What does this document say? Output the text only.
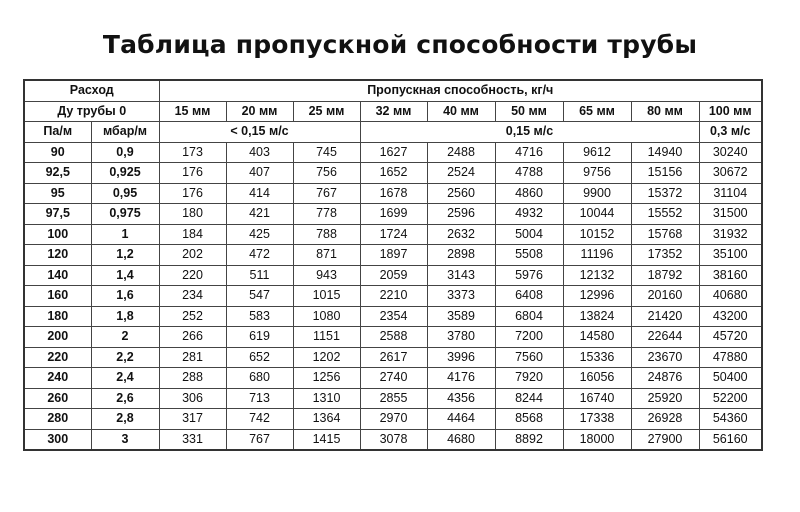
Таблица пропускной способности трубы
Расход		Пропускная способность, кг/ч								
Ду трубы 0		15 мм	20 мм	25 мм	32 мм	40 мм	50 мм	65 мм	80 мм	100 мм
Па/м	мбар/м	< 0,15 м/с			0,15 м/с					0,3 м/с
90	0,9	173	403	745	1627	2488	4716	9612	14940	30240
92,5	0,925	176	407	756	1652	2524	4788	9756	15156	30672
95	0,95	176	414	767	1678	2560	4860	9900	15372	31104
97,5	0,975	180	421	778	1699	2596	4932	10044	15552	31500
100	1	184	425	788	1724	2632	5004	10152	15768	31932
120	1,2	202	472	871	1897	2898	5508	11196	17352	35100
140	1,4	220	511	943	2059	3143	5976	12132	18792	38160
160	1,6	234	547	1015	2210	3373	6408	12996	20160	40680
180	1,8	252	583	1080	2354	3589	6804	13824	21420	43200
200	2	266	619	1151	2588	3780	7200	14580	22644	45720
220	2,2	281	652	1202	2617	3996	7560	15336	23670	47880
240	2,4	288	680	1256	2740	4176	7920	16056	24876	50400
260	2,6	306	713	1310	2855	4356	8244	16740	25920	52200
280	2,8	317	742	1364	2970	4464	8568	17338	26928	54360
300	3	331	767	1415	3078	4680	8892	18000	27900	56160
